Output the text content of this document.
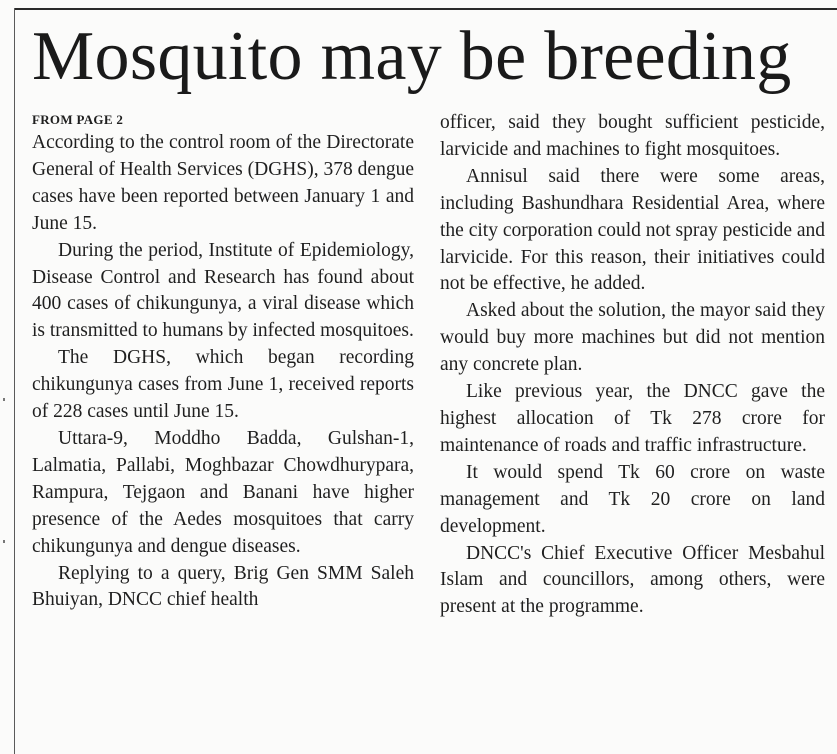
Mosquito may be breeding
FROM PAGE 2

According to the control room of the Directorate General of Health Services (DGHS), 378 dengue cases have been reported between January 1 and June 15.

During the period, Institute of Epidemiology, Disease Control and Research has found about 400 cases of chikungunya, a viral disease which is transmitted to humans by infected mosquitoes.

The DGHS, which began recording chikungunya cases from June 1, received reports of 228 cases until June 15.

Uttara-9, Moddho Badda, Gulshan-1, Lalmatia, Pallabi, Moghbazar Chowdhurypara, Rampura, Tejgaon and Banani have higher presence of the Aedes mosquitoes that carry chikungunya and dengue diseases.

Replying to a query, Brig Gen SMM Saleh Bhuiyan, DNCC chief health

officer, said they bought sufficient pesticide, larvicide and machines to fight mosquitoes.

Annisul said there were some areas, including Bashundhara Residential Area, where the city corporation could not spray pesticide and larvicide. For this reason, their initiatives could not be effective, he added.

Asked about the solution, the mayor said they would buy more machines but did not mention any concrete plan.

Like previous year, the DNCC gave the highest allocation of Tk 278 crore for maintenance of roads and traffic infrastructure.

It would spend Tk 60 crore on waste management and Tk 20 crore on land development.

DNCC's Chief Executive Officer Mesbahul Islam and councillors, among others, were present at the programme.
